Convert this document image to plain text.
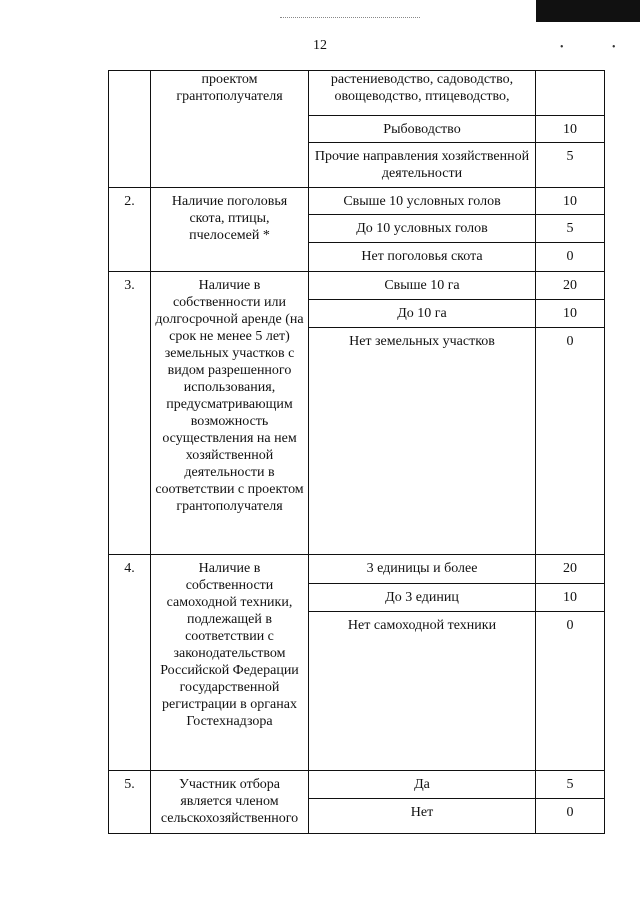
12	•	•
	проектом грантополучателя	растениеводство, садоводство, овощеводство, птицеводство,	

		Рыбоводство	10

		Прочие направления хозяйственной деятельности	5

2.	Наличие поголовья скота, птицы, пчелосемей *	Свыше 10 условных голов	10

		До 10 условных голов	5

		Нет поголовья скота	0

3.	Наличие в собственности или долгосрочной аренде (на срок не менее 5 лет) земельных участков с видом разрешенного использования, предусматривающим возможность осуществления на нем хозяйственной деятельности в соответствии с проектом грантополучателя	Свыше 10 га	20

		До 10 га	10

		Нет земельных участков	0

4.	Наличие в собственности самоходной техники, подлежащей в соответствии с законодательством Российской Федерации государственной регистрации в органах Гостехнадзора	3 единицы и более	20

		До 3 единиц	10

		Нет самоходной техники	0

5.	Участник отбора является членом сельскохозяйственного	Да	5

		Нет	0
